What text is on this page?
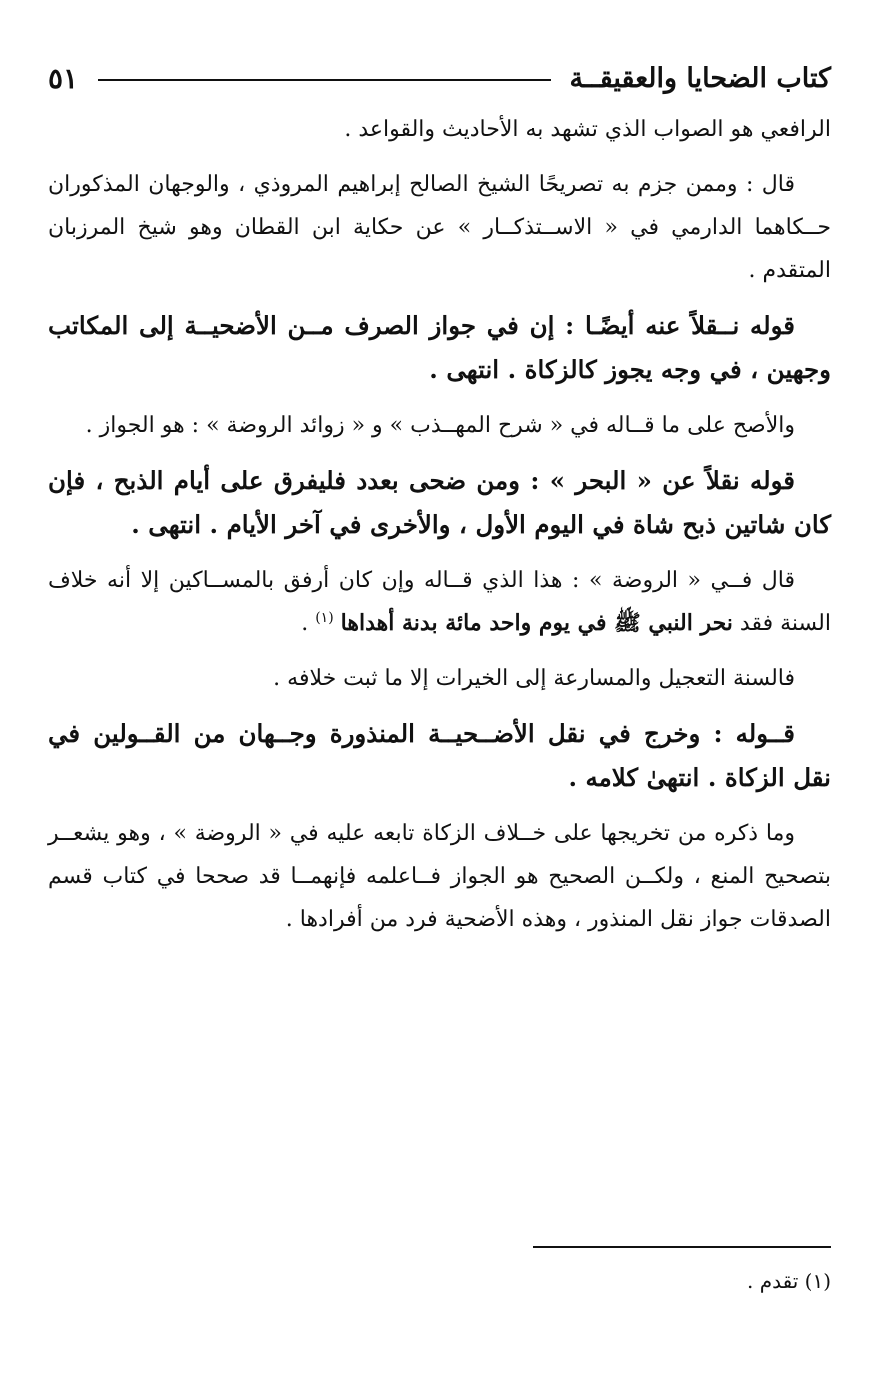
كتاب الضحايا والعقيقــة
٥١

الرافعي هو الصواب الذي تشهد به الأحاديث والقواعد .

قال : وممن جزم به تصريحًا الشيخ الصالح إبراهيم المروذي ، والوجهان المذكوران حــكاهما الدارمي في « الاســتذكــار » عن حكاية ابن القطان وهو شيخ المرزبان المتقدم .

قوله نــقلاً عنه أيضًـا : إن في جواز الصرف مــن الأضحيــة إلى المكاتب وجهين ، في وجه يجوز كالزكاة . انتهى .

والأصح على ما قــاله في « شرح المهــذب » و « زوائد الروضة » : هو الجواز .

قوله نقلاً عن « البحر » : ومن ضحى بعدد فليفرق على أيام الذبح ، فإن كان شاتين ذبح شاة في اليوم الأول ، والأخرى في آخر الأيام . انتهى .

قال فــي « الروضة » : هذا الذي قــاله وإن كان أرفق بالمســاكين إلا أنه خلاف السنة فقد نحر النبي ﷺ في يوم واحد مائة بدنة أهداها $^{(١)}$ .

فالسنة التعجيل والمسارعة إلى الخيرات إلا ما ثبت خلافه .

قــوله : وخرج في نقل الأضــحيــة المنذورة وجــهان من القــولين في نقل الزكاة . انتهىٰ كلامه .

وما ذكره من تخريجها على خــلاف الزكاة تابعه عليه في « الروضة » ، وهو يشعــر بتصحيح المنع ، ولكــن الصحيح هو الجواز فــاعلمه فإنهمــا قد صححا في كتاب قسم الصدقات جواز نقل المنذور ، وهذه الأضحية فرد من أفرادها .

(١) تقدم .
